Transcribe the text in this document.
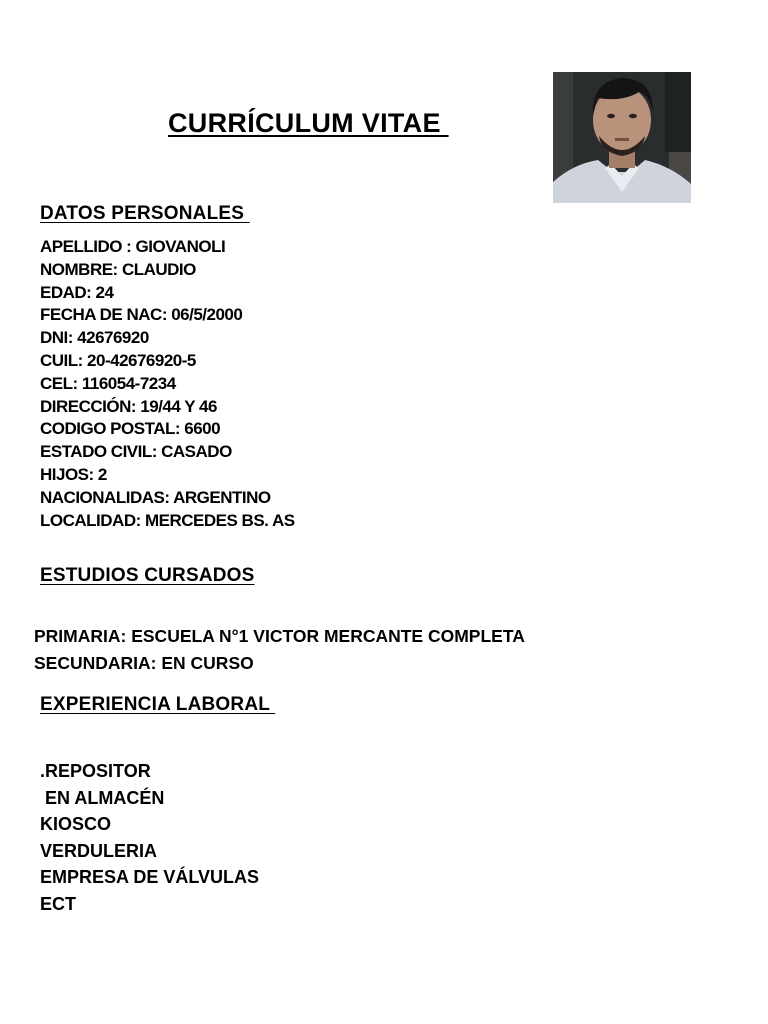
CURRÍCULUM VITAE
DATOS PERSONALES
APELLIDO : GIOVANOLI
NOMBRE: CLAUDIO
EDAD: 24
FECHA DE NAC: 06/5/2000
DNI: 42676920
CUIL: 20-42676920-5
CEL: 116054-7234
DIRECCIÓN: 19/44 Y 46
CODIGO POSTAL: 6600
ESTADO CIVIL: CASADO
HIJOS: 2
NACIONALIDAS: ARGENTINO
LOCALIDAD: MERCEDES BS. AS
ESTUDIOS CURSADOS
PRIMARIA: ESCUELA N°1 VICTOR MERCANTE COMPLETA
SECUNDARIA: EN CURSO
EXPERIENCIA LABORAL
.REPOSITOR
EN ALMACÉN
KIOSCO
VERDULERIA
EMPRESA DE VÁLVULAS
ECT
